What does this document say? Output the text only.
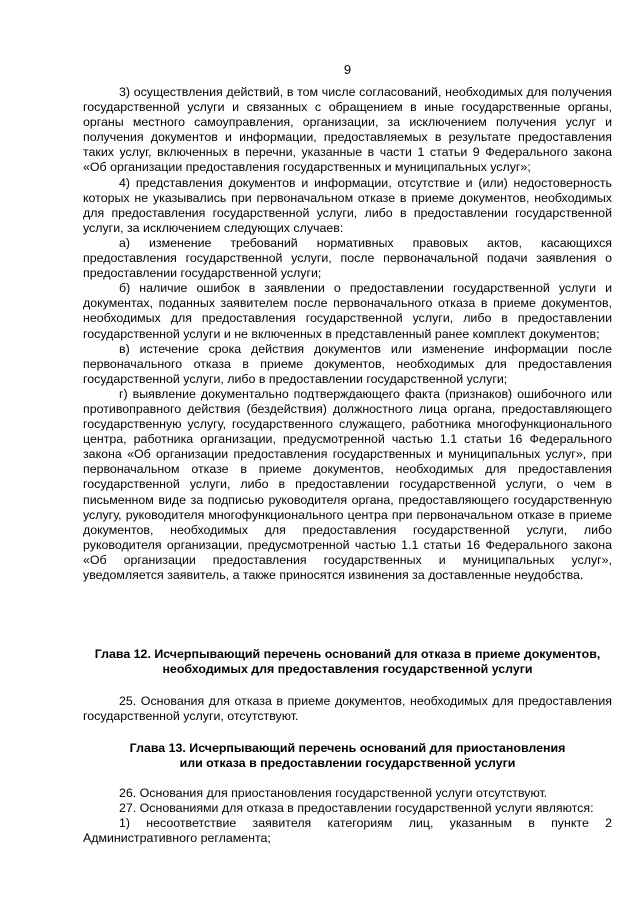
9

3) осуществления действий, в том числе согласований, необходимых для получения государственной услуги и связанных с обращением в иные государственные органы, органы местного самоуправления, организации, за исключением получения услуг и получения документов и информации, предоставляемых в результате предоставления таких услуг, включенных в перечни, указанные в части 1 статьи 9 Федерального закона «Об организации предоставления государственных и муниципальных услуг»;

4) представления документов и информации, отсутствие и (или) недостоверность которых не указывались при первоначальном отказе в приеме документов, необходимых для предоставления государственной услуги, либо в предоставлении государственной услуги, за исключением следующих случаев:

а) изменение требований нормативных правовых актов, касающихся предоставления государственной услуги, после первоначальной подачи заявления о предоставлении государственной услуги;

б) наличие ошибок в заявлении о предоставлении государственной услуги и документах, поданных заявителем после первоначального отказа в приеме документов, необходимых для предоставления государственной услуги, либо в предоставлении государственной услуги и не включенных в представленный ранее комплект документов;

в) истечение срока действия документов или изменение информации после первоначального отказа в приеме документов, необходимых для предоставления государственной услуги, либо в предоставлении государственной услуги;

г) выявление документально подтверждающего факта (признаков) ошибочного или противоправного действия (бездействия) должностного лица органа, предоставляющего государственную услугу, государственного служащего, работника многофункционального центра, работника организации, предусмотренной частью 1.1 статьи 16 Федерального закона «Об организации предоставления государственных и муниципальных услуг», при первоначальном отказе в приеме документов, необходимых для предоставления государственной услуги, либо в предоставлении государственной услуги, о чем в письменном виде за подписью руководителя органа, предоставляющего государственную услугу, руководителя многофункционального центра при первоначальном отказе в приеме документов, необходимых для предоставления государственной услуги, либо руководителя организации, предусмотренной частью 1.1 статьи 16 Федерального закона «Об организации предоставления государственных и муниципальных услуг», уведомляется заявитель, а также приносятся извинения за доставленные неудобства.

Глава 12. Исчерпывающий перечень оснований для отказа в приеме документов,
необходимых для предоставления государственной услуги

25. Основания для отказа в приеме документов, необходимых для предоставления государственной услуги, отсутствуют.

Глава 13. Исчерпывающий перечень оснований для приостановления
или отказа в предоставлении государственной услуги

26. Основания для приостановления государственной услуги отсутствуют.

27. Основаниями для отказа в предоставлении государственной услуги являются:

1) несоответствие заявителя категориям лиц, указанным в пункте 2 Административного регламента;
